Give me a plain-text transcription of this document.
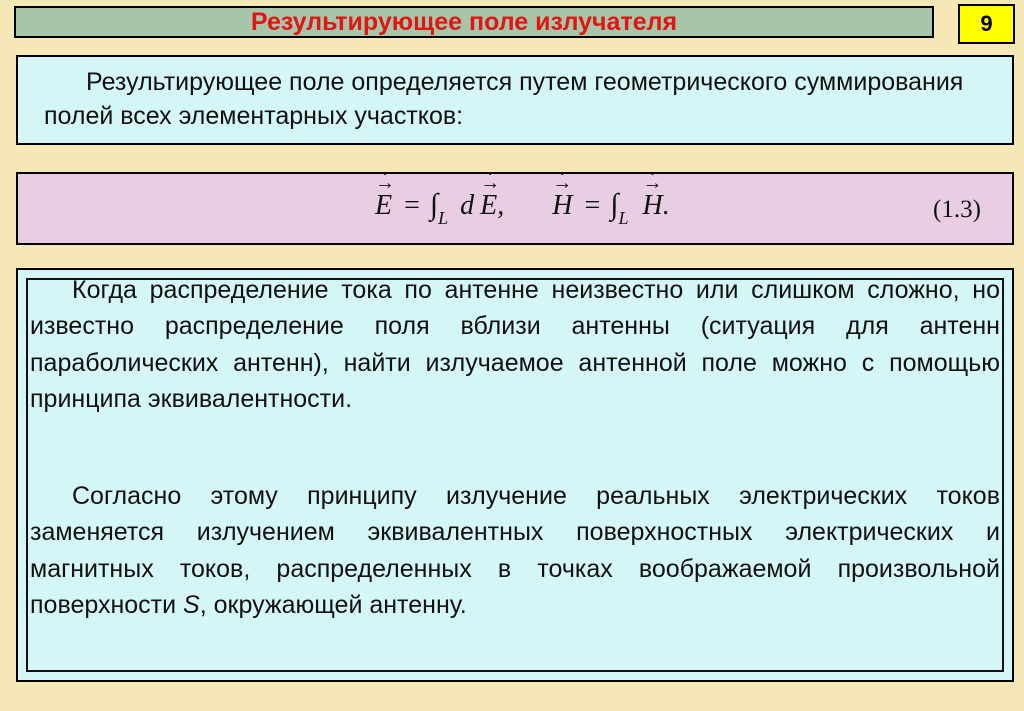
Результирующее поле излучателя	9

Результирующее поле определяется путем геометрического суммирования полей всех элементарных участков:

→ E · = ∫ L d → E, · → H · = ∫ L → H. ·	(1.3)

Когда распределение тока по антенне неизвестно или слишком сложно, но известно распределение поля вблизи антенны (ситуация для антенн параболических антенн), найти излучаемое антенной поле можно с помощью принципа эквивалентности.

Согласно этому принципу излучение реальных электрических токов заменяется излучением эквивалентных поверхностных электрических и магнитных токов, распределенных в точках воображаемой произвольной поверхности S, окружающей антенну.
